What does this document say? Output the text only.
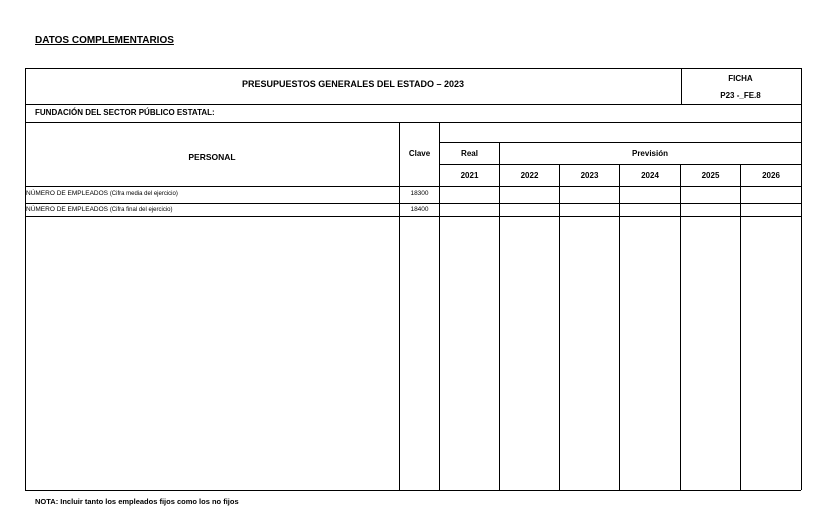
DATOS COMPLEMENTARIOS
PRESUPUESTOS GENERALES DEL ESTADO – 2023
FICHA
P23 -_FE.8
FUNDACIÓN DEL SECTOR PÚBLICO ESTATAL:
PERSONAL	Clave	Real	Previsión
2021	2022	2023	2024	2025	2026
NÚMERO DE EMPLEADOS (Cifra media del ejercicio)	18300
NÚMERO DE EMPLEADOS (Cifra final del ejercicio)	18400
NOTA: Incluir tanto los empleados fijos como los no fijos
